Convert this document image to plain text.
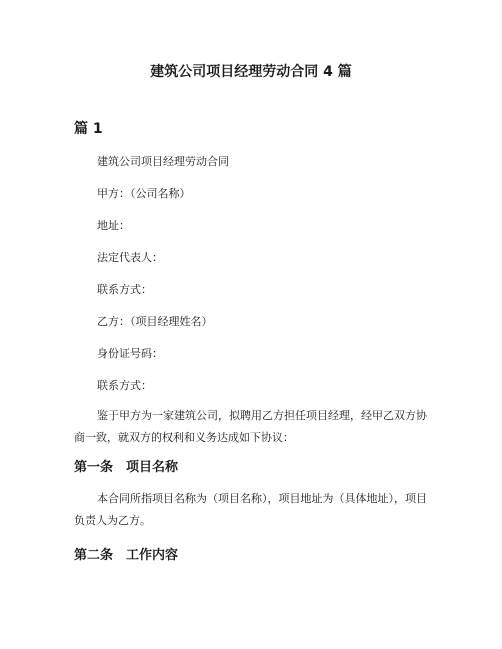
建筑公司项目经理劳动合同 4 篇
篇 1
建筑公司项目经理劳动合同
甲方：（公司名称）
地址：
法定代表人：
联系方式：
乙方：（项目经理姓名）
身份证号码：
联系方式：
鉴于甲方为一家建筑公司，拟聘用乙方担任项目经理，经甲乙双方协商一致，就双方的权利和义务达成如下协议：
第一条　项目名称
本合同所指项目名称为（项目名称），项目地址为（具体地址），项目负责人为乙方。
第二条　工作内容
